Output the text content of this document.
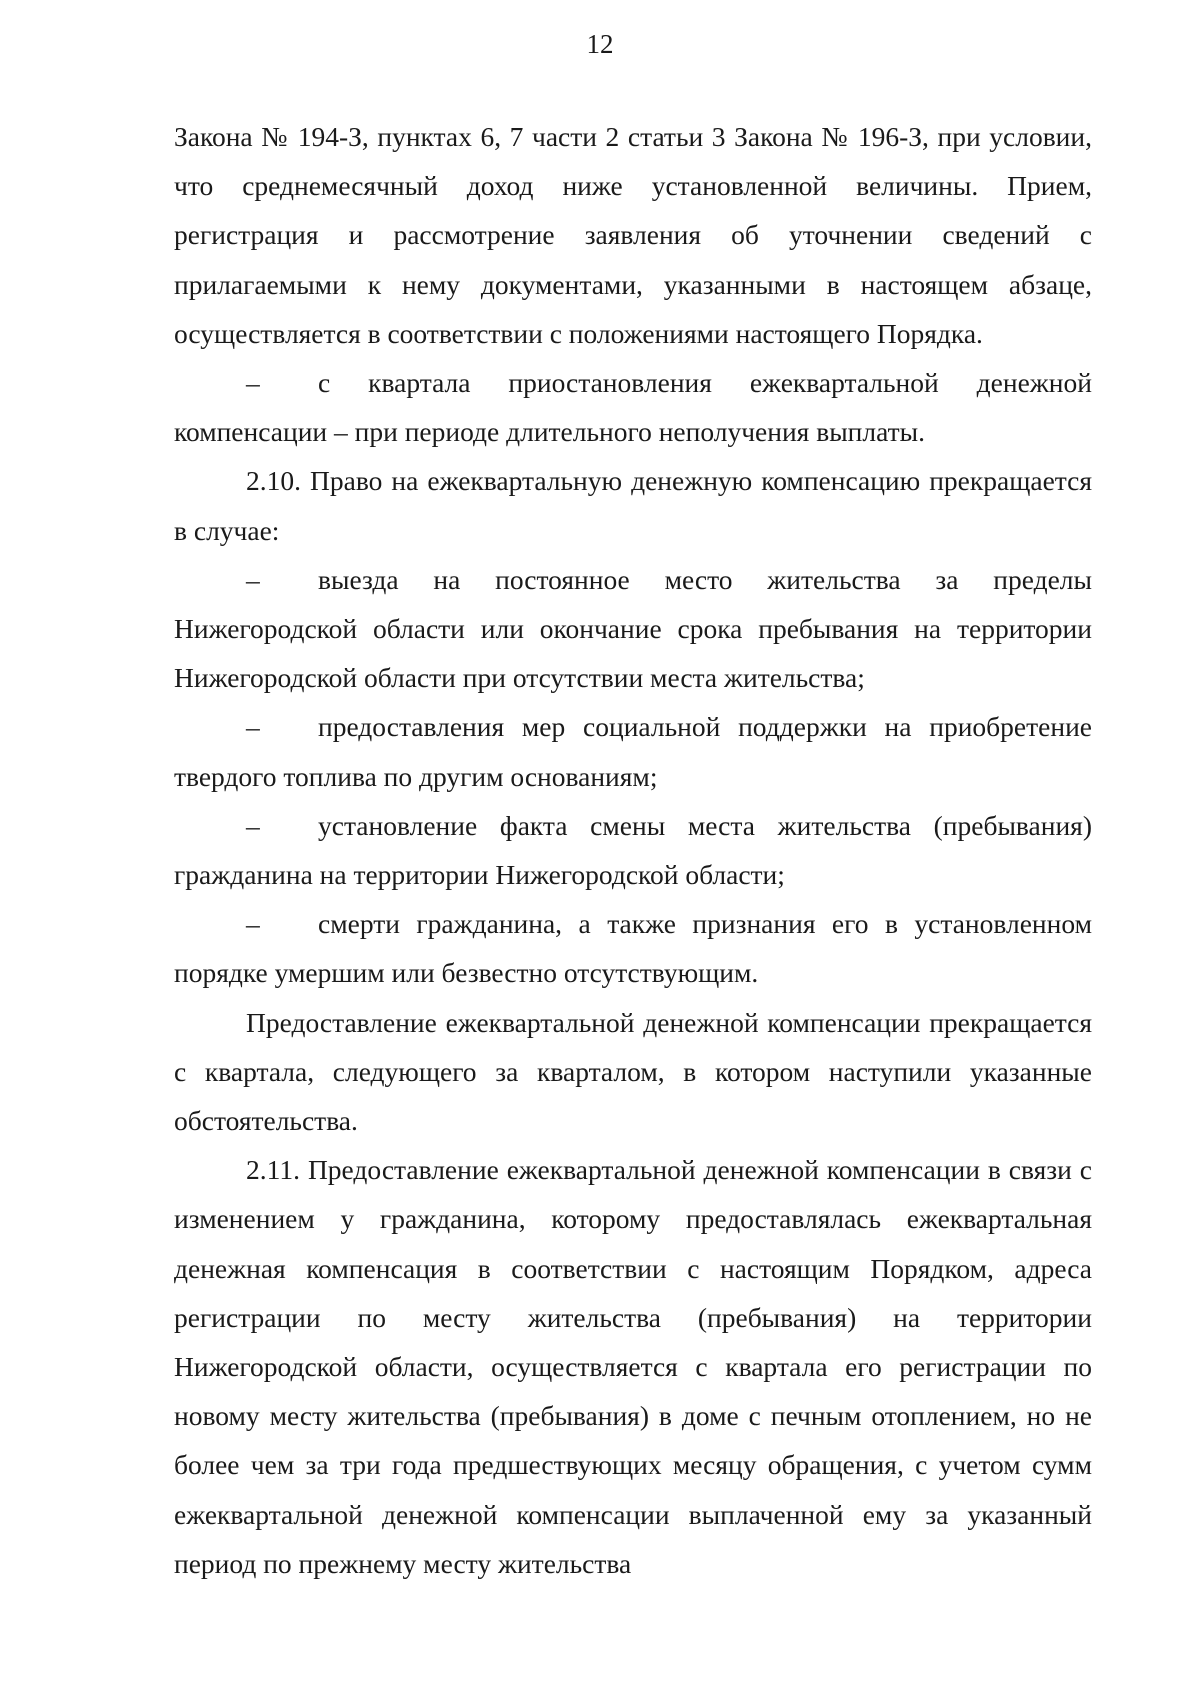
12

Закона № 194-З, пунктах 6, 7 части 2 статьи 3 Закона № 196-З, при условии, что среднемесячный доход ниже установленной величины. Прием, регистрация и рассмотрение заявления об уточнении сведений с прилагаемыми к нему документами, указанными в настоящем абзаце, осуществляется в соответствии с положениями настоящего Порядка.

– с квартала приостановления ежеквартальной денежной компенсации – при периоде длительного неполучения выплаты.

2.10. Право на ежеквартальную денежную компенсацию прекращается в случае:

– выезда на постоянное место жительства за пределы Нижегородской области или окончание срока пребывания на территории Нижегородской области при отсутствии места жительства;

– предоставления мер социальной поддержки на приобретение твердого топлива по другим основаниям;

– установление факта смены места жительства (пребывания) гражданина на территории Нижегородской области;

– смерти гражданина, а также признания его в установленном порядке умершим или безвестно отсутствующим.

Предоставление ежеквартальной денежной компенсации прекращается с квартала, следующего за кварталом, в котором наступили указанные обстоятельства.

2.11. Предоставление ежеквартальной денежной компенсации в связи с изменением у гражданина, которому предоставлялась ежеквартальная денежная компенсация в соответствии с настоящим Порядком, адреса регистрации по месту жительства (пребывания) на территории Нижегородской области, осуществляется с квартала его регистрации по новому месту жительства (пребывания) в доме с печным отоплением, но не более чем за три года предшествующих месяцу обращения, с учетом сумм ежеквартальной денежной компенсации выплаченной ему за указанный период по прежнему месту жительства
